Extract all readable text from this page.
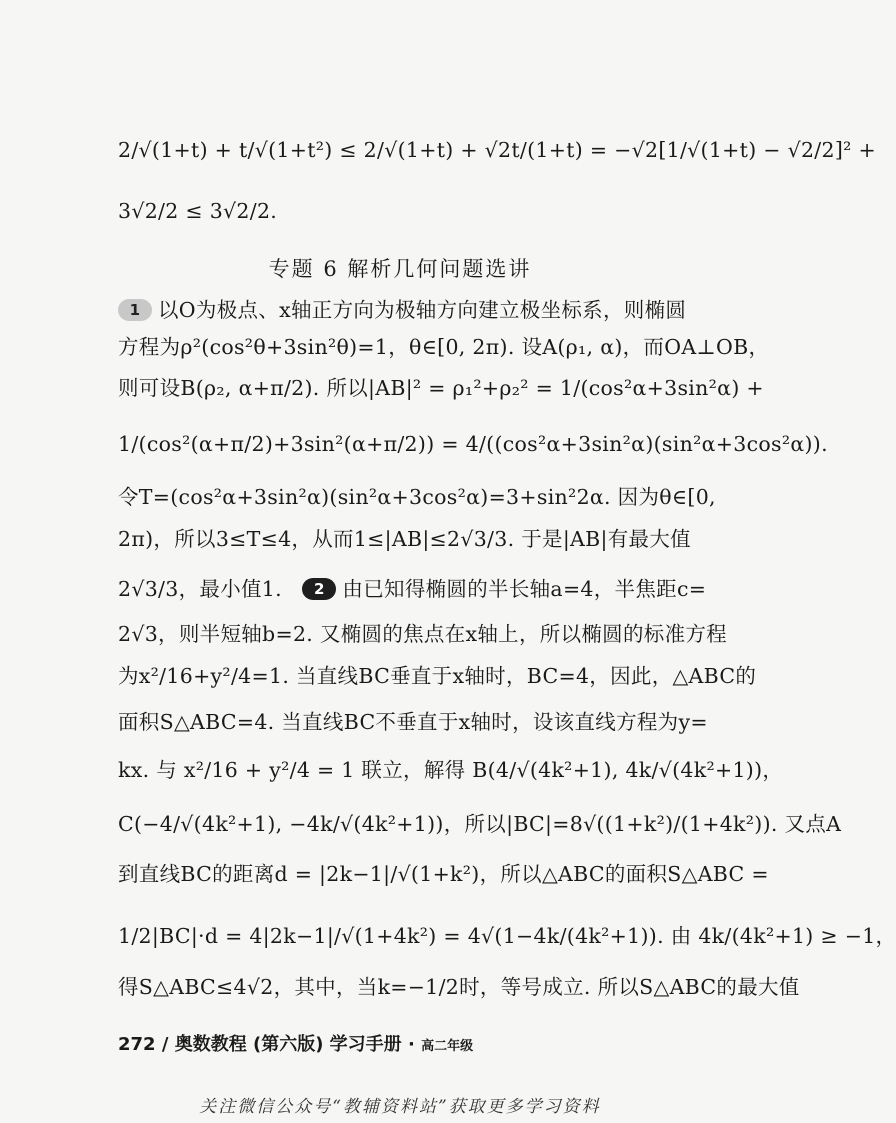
2/√(1+t) + t/√(1+t²) ≤ 2/√(1+t) + √2t/(1+t) = −√2[1/√(1+t) − √2/2]² +
3√2/2 ≤ 3√2/2.
专题 6 解析几何问题选讲
1 以O为极点、x轴正方向为极轴方向建立极坐标系，则椭圆
方程为ρ²(cos²θ+3sin²θ)=1，θ∈[0, 2π). 设A(ρ₁, α)，而OA⊥OB，
则可设B(ρ₂, α+π/2). 所以|AB|² = ρ₁²+ρ₂² = 1/(cos²α+3sin²α) +
1/(cos²(α+π/2)+3sin²(α+π/2)) = 4/((cos²α+3sin²α)(sin²α+3cos²α)).
令T=(cos²α+3sin²α)(sin²α+3cos²α)=3+sin²2α. 因为θ∈[0,
2π)，所以3≤T≤4，从而1≤|AB|≤2√3/3. 于是|AB|有最大值
2√3/3，最小值1. 2 由已知得椭圆的半长轴a=4，半焦距c=
2√3，则半短轴b=2. 又椭圆的焦点在x轴上，所以椭圆的标准方程
为x²/16+y²/4=1. 当直线BC垂直于x轴时，BC=4，因此，△ABC的
面积S△ABC=4. 当直线BC不垂直于x轴时，设该直线方程为y=
kx. 与 x²/16 + y²/4 = 1 联立，解得 B(4/√(4k²+1), 4k/√(4k²+1))，
C(−4/√(4k²+1), −4k/√(4k²+1))，所以|BC|=8√((1+k²)/(1+4k²)). 又点A
到直线BC的距离d = |2k−1|/√(1+k²)，所以△ABC的面积S△ABC =
1/2|BC|·d = 4|2k−1|/√(1+4k²) = 4√(1−4k/(4k²+1)). 由 4k/(4k²+1) ≥ −1，
得S△ABC≤4√2，其中，当k=−1/2时，等号成立. 所以S△ABC的最大值
272 / 奥数教程 (第六版) 学习手册 · 高二年级
关注微信公众号“教辅资料站”获取更多学习资料
